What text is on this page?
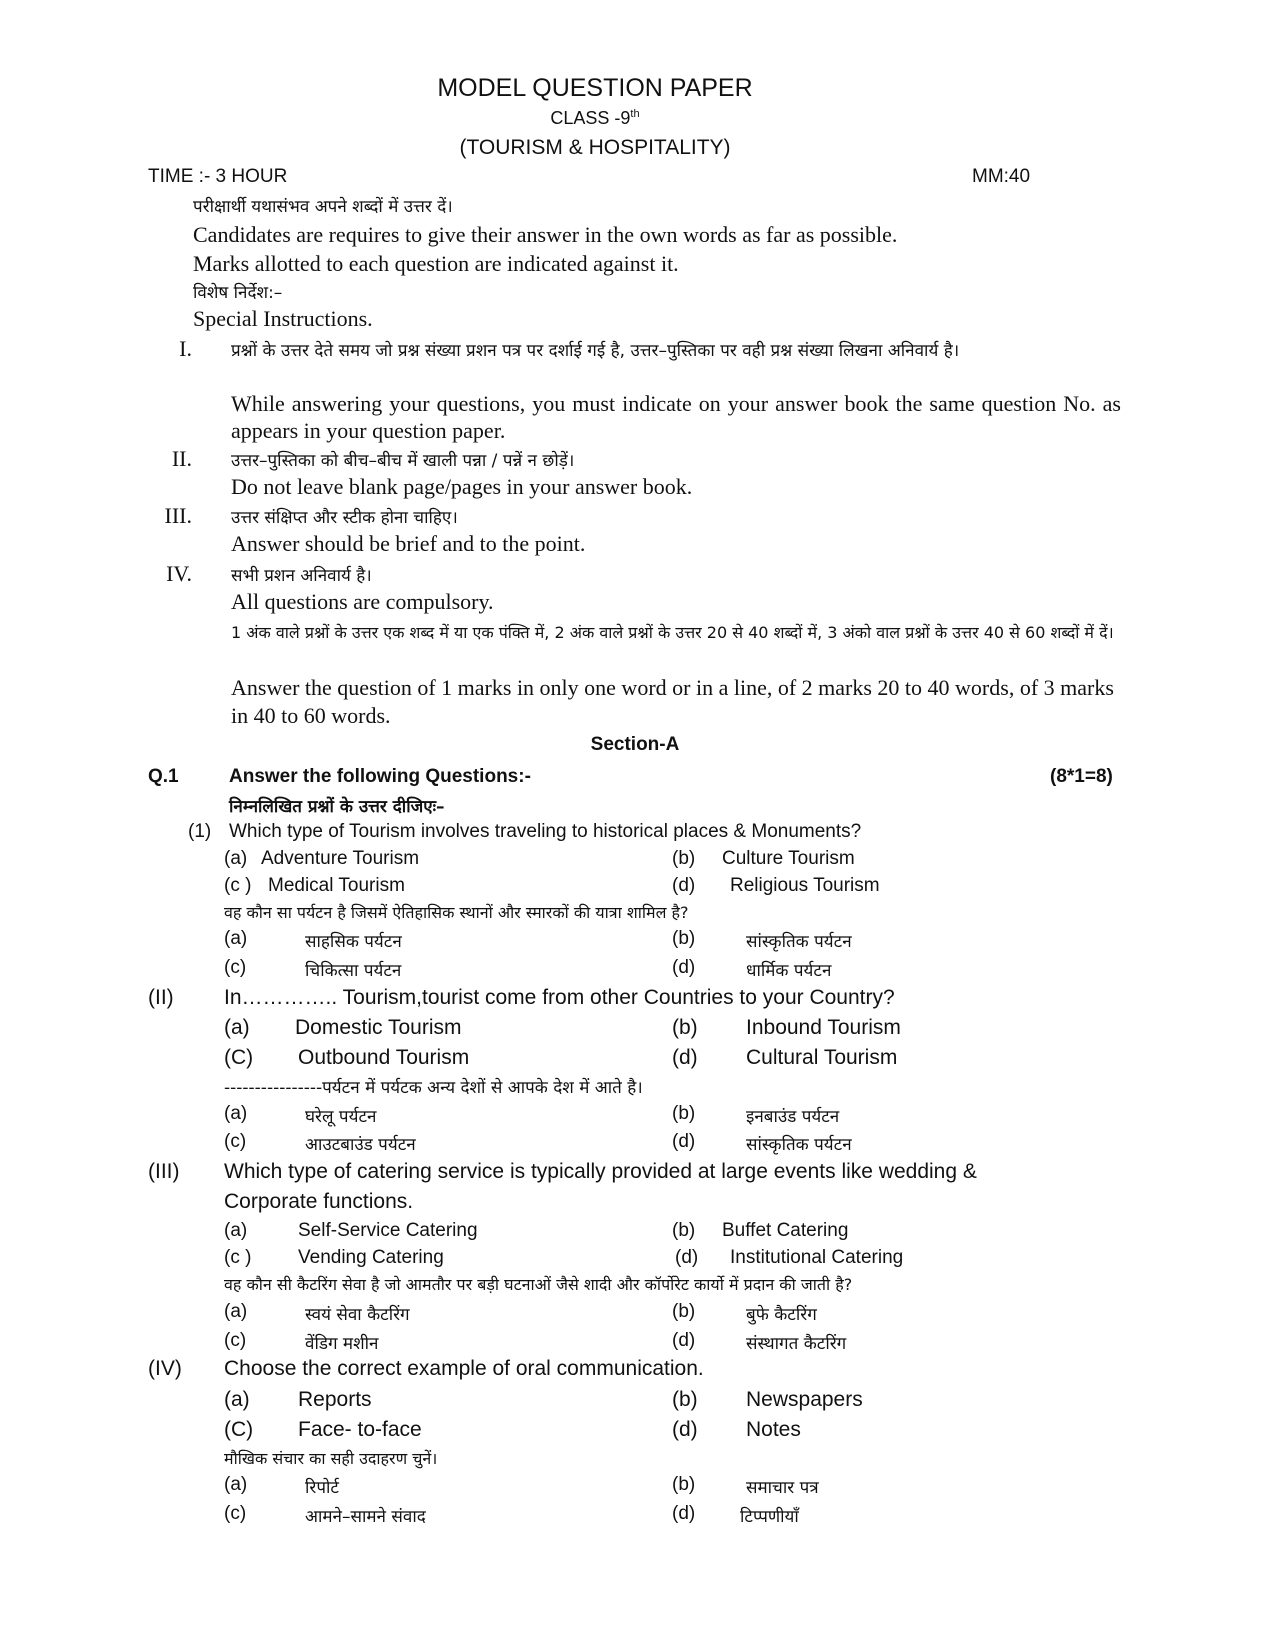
MODEL QUESTION PAPER
CLASS -9th
(TOURISM & HOSPITALITY)
TIME :- 3 HOUR	MM:40
परीक्षार्थी यथासंभव अपने शब्दों में उत्तर दें।
Candidates are requires to give their answer in the own words as far as possible.
Marks allotted to each question are indicated against it.
विशेष निर्देश:–
Special Instructions.
I. प्रश्नों के उत्तर देते समय जो प्रश्न संख्या प्रशन पत्र पर दर्शाई गई है, उत्तर–पुस्तिका पर वही प्रश्न संख्या लिखना अनिवार्य है।
While answering your questions, you must indicate on your answer book the same question No. as appears in your question paper.
II. उत्तर–पुस्तिका को बीच–बीच में खाली पन्ना / पन्नें न छोड़ें।
Do not leave blank page/pages in your answer book.
III. उत्तर संक्षिप्त और स्टीक होना चाहिए।
Answer should be brief and to the point.
IV. सभी प्रशन अनिवार्य है।
All questions are compulsory.
1 अंक वाले प्रश्नों के उत्तर एक शब्द में या एक पंक्ति में, 2 अंक वाले प्रश्नों के उत्तर 20 से 40 शब्दों में, 3 अंको वाल प्रश्नों के उत्तर 40 से 60 शब्दों में दें।
Answer the question of 1 marks in only one word or in a line, of 2 marks 20 to 40 words, of 3 marks in 40 to 60 words.
Section-A
Q.1	Answer the following Questions:-	(8*1=8)
निम्नलिखित प्रश्नों के उत्तर दीजिएः–
(1) Which type of Tourism involves traveling to historical places & Monuments?
(a) Adventure Tourism	(b) Culture Tourism
(c ) Medical Tourism	(d) Religious Tourism
वह कौन सा पर्यटन है जिसमें ऐतिहासिक स्थानों और स्मारकों की यात्रा शामिल है?
(a)	साहसिक पर्यटन	(b)	सांस्कृतिक पर्यटन
(c)	चिकित्सा पर्यटन	(d)	धार्मिक पर्यटन
(II) In………….. Tourism,tourist come from other Countries to your Country?
(a) Domestic Tourism	(b) Inbound Tourism
(C) Outbound Tourism	(d) Cultural Tourism
----------------पर्यटन में पर्यटक अन्य देशों से आपके देश में आते है।
(a)	घरेलू पर्यटन	(b)	इनबाउंड पर्यटन
(c)	आउटबाउंड पर्यटन	(d)	सांस्कृतिक पर्यटन
(III) Which type of catering service is typically provided at large events like wedding &
Corporate functions.
(a)	Self-Service Catering	(b) Buffet Catering
(c ) Vending Catering	(d) Institutional Catering
वह कौन सी कैटरिंग सेवा है जो आमतौर पर बड़ी घटनाओं जैसे शादी और कॉर्पोरेट कार्यो में प्रदान की जाती है?
(a)	स्वयं सेवा कैटरिंग	(b)	बुफे कैटरिंग
(c)	वेंडिग मशीन	(d)	संस्थागत कैटरिंग
(IV) Choose the correct example of oral communication.
(a) Reports	(b) Newspapers
(C) Face- to-face	(d) Notes
मौखिक संचार का सही उदाहरण चुनें।
(a)	रिपोर्ट	(b)	समाचार पत्र
(c)	आमने–सामने संवाद	(d)	टिप्पणीयाँ
